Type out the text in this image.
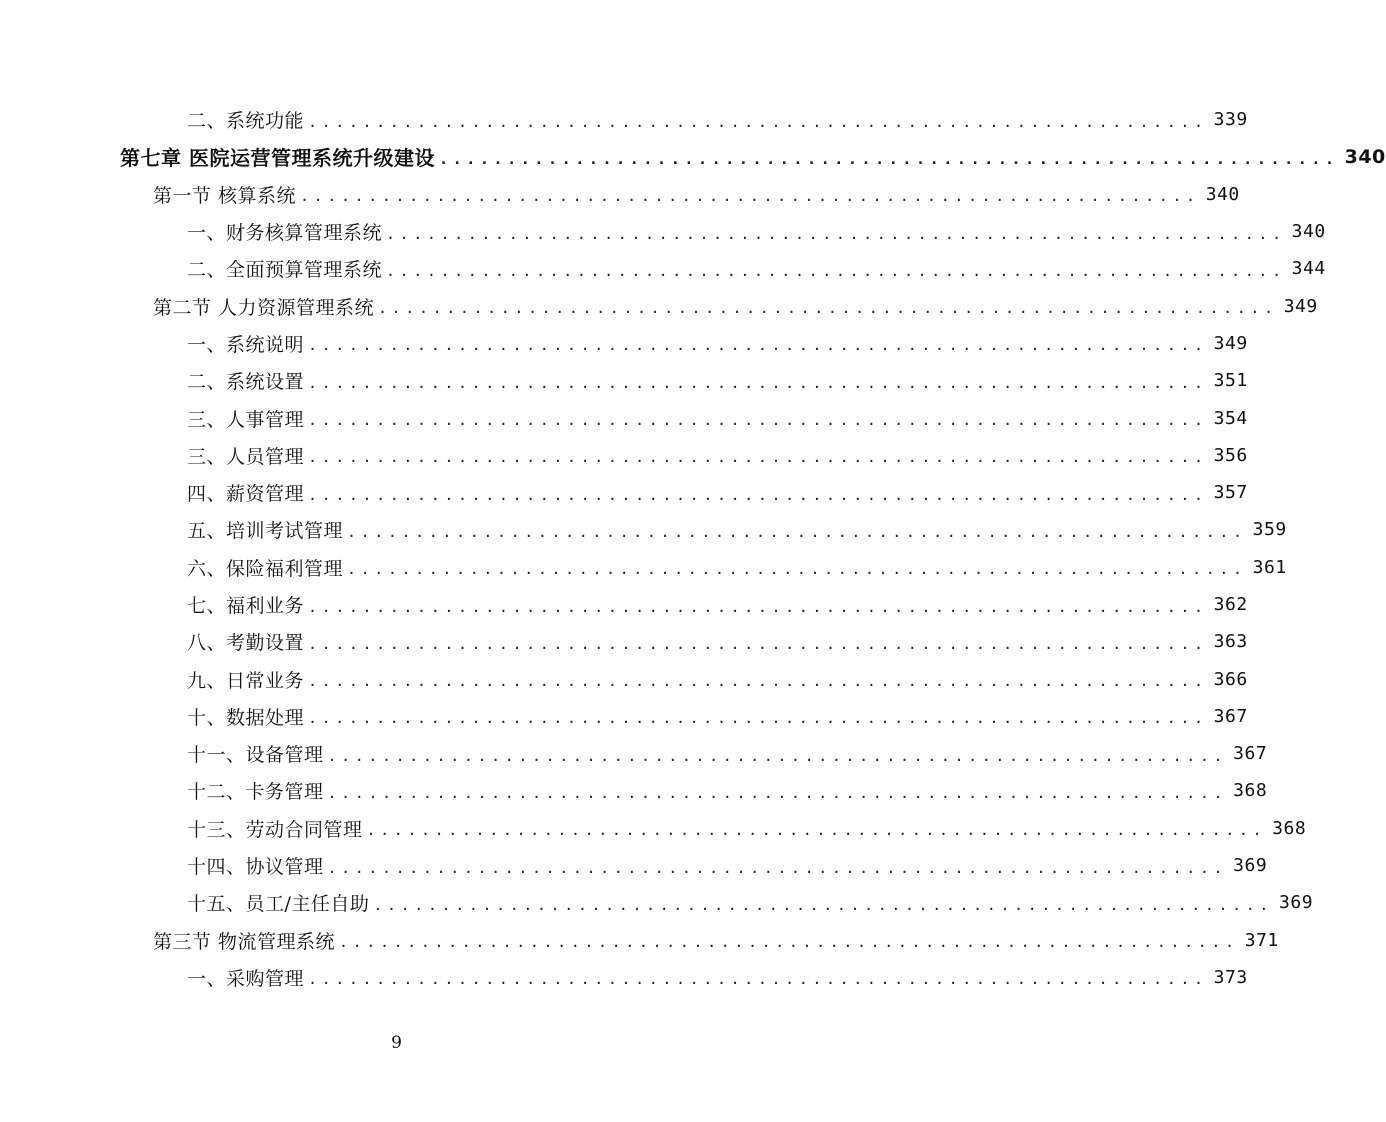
二、系统功能 .................................................................. 339
第七章 医院运营管理系统升级建设 .................................................................. 340
第一节 核算系统 .................................................................. 340
一、财务核算管理系统 .................................................................. 340
二、全面预算管理系统 .................................................................. 344
第二节 人力资源管理系统 .................................................................. 349
一、系统说明 .................................................................. 349
二、系统设置 .................................................................. 351
三、人事管理 .................................................................. 354
三、人员管理 .................................................................. 356
四、薪资管理 .................................................................. 357
五、培训考试管理 .................................................................. 359
六、保险福利管理 .................................................................. 361
七、福利业务 .................................................................. 362
八、考勤设置 .................................................................. 363
九、日常业务 .................................................................. 366
十、数据处理 .................................................................. 367
十一、设备管理 .................................................................. 367
十二、卡务管理 .................................................................. 368
十三、劳动合同管理 .................................................................. 368
十四、协议管理 .................................................................. 369
十五、员工/主任自助 .................................................................. 369
第三节 物流管理系统 .................................................................. 371
一、采购管理 .................................................................. 373
9
